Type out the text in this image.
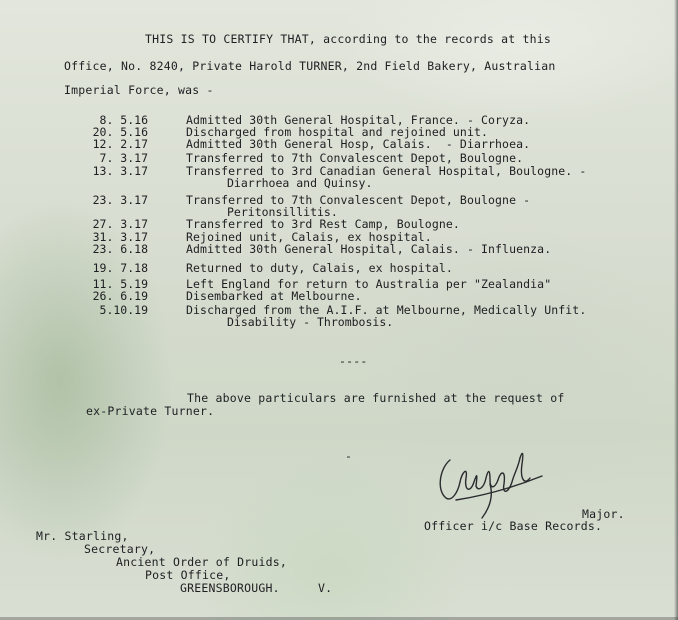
THIS IS TO CERTIFY THAT, according to the records at this
Office, No. 8240, Private Harold TURNER, 2nd Field Bakery, Australian
Imperial Force, was -
8. 5.16	Admitted 30th General Hospital, France. - Coryza.
20. 5.16	Discharged from hospital and rejoined unit.
12. 2.17	Admitted 30th General Hosp, Calais.  - Diarrhoea.
7. 3.17	Transferred to 7th Convalescent Depot, Boulogne.
13. 3.17	Transferred to 3rd Canadian General Hospital, Boulogne. -
Diarrhoea and Quinsy.
23. 3.17	Transferred to 7th Convalescent Depot, Boulogne -
Peritonsillitis.
27. 3.17	Transferred to 3rd Rest Camp, Boulogne.
31. 3.17	Rejoined unit, Calais, ex hospital.
23. 6.18	Admitted 30th General Hospital, Calais. - Influenza.
19. 7.18	Returned to duty, Calais, ex hospital.
11. 5.19	Left England for return to Australia per "Zealandia"
26. 6.19	Disembarked at Melbourne.
5.10.19	Discharged from the A.I.F. at Melbourne, Medically Unfit.
Disability - Thrombosis.
----
The above particulars are furnished at the request of
ex-Private Turner.
-
Major.
Officer i/c Base Records.
Mr. Starling,
Secretary,
Ancient Order of Druids,
Post Office,
GREENSBOROUGH.	V.
